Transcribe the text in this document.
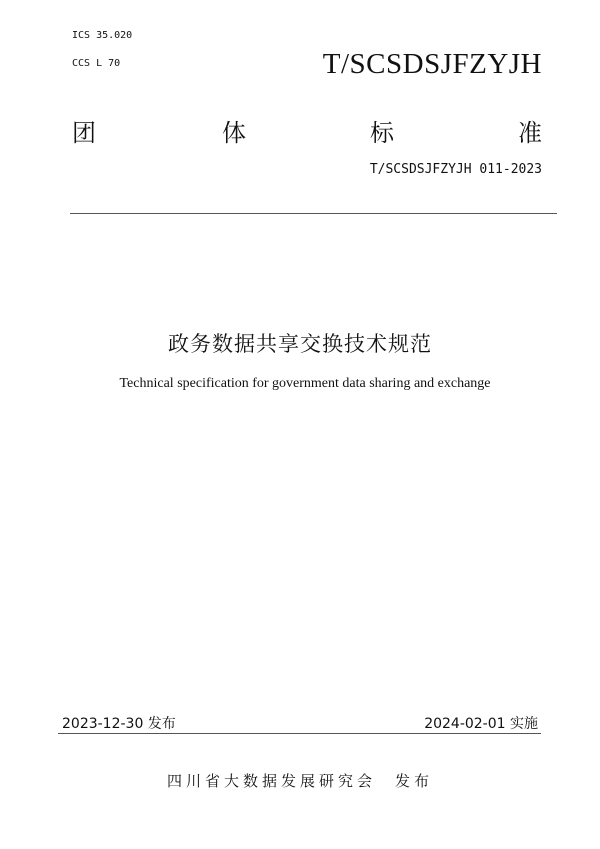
ICS 35.020
CCS L 70	T/SCSDSJFZYJH
团	体	标	准
T/SCSDSJFZYJH 011-2023
政务数据共享交换技术规范
Technical specification for government data sharing and exchange
2023-12-30 发布	2024-02-01 实施
四川省大数据发展研究会　发布
